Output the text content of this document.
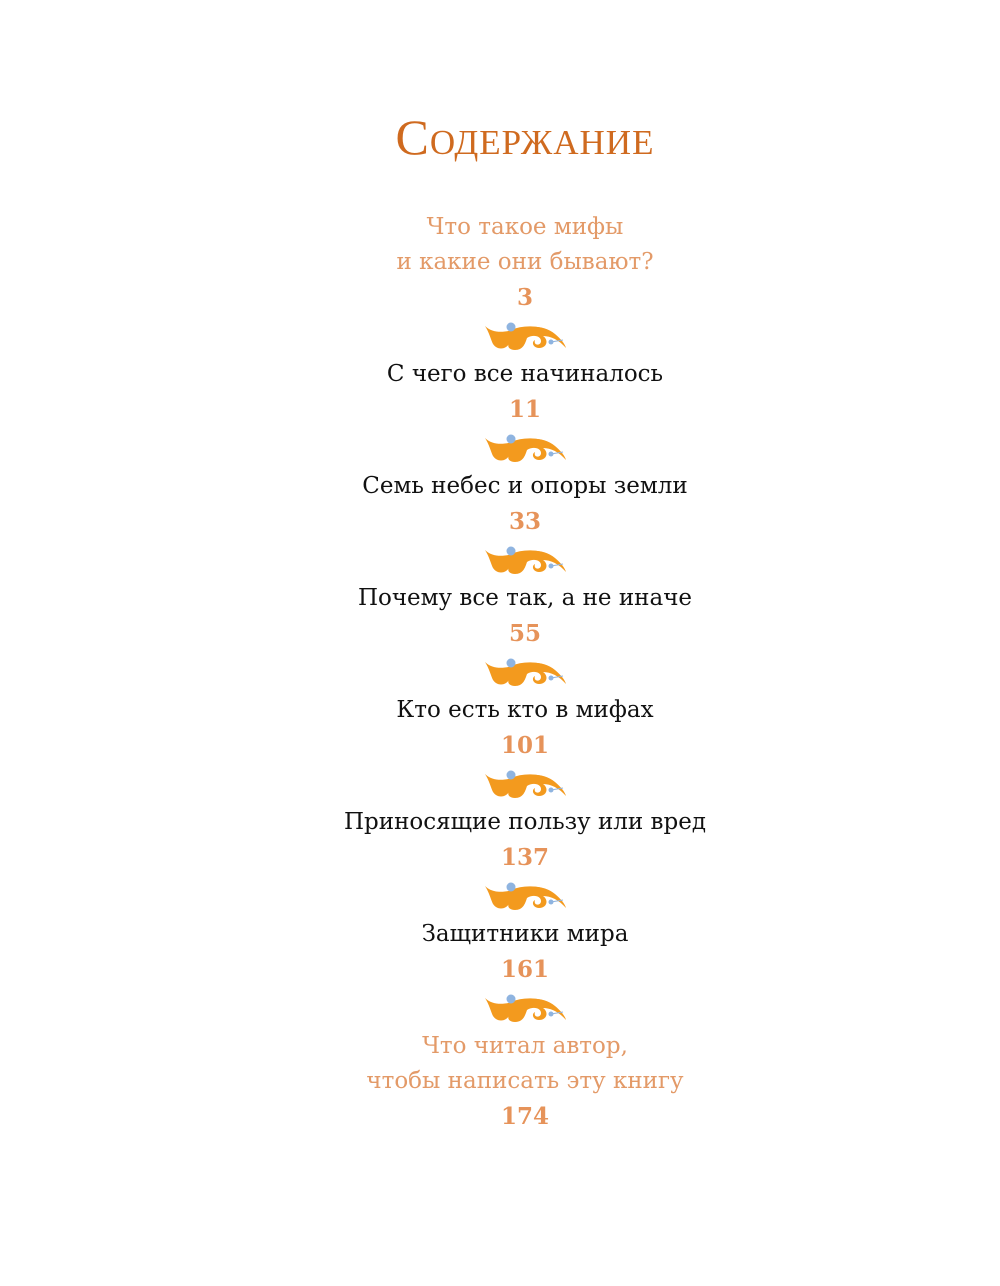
Содержание
Что такое мифы
и какие они бывают?
3
С чего все начиналось
11
Семь небес и опоры земли
33
Почему все так, а не иначе
55
Кто есть кто в мифах
101
Приносящие пользу или вред
137
Защитники мира
161
Что читал автор,
чтобы написать эту книгу
174
